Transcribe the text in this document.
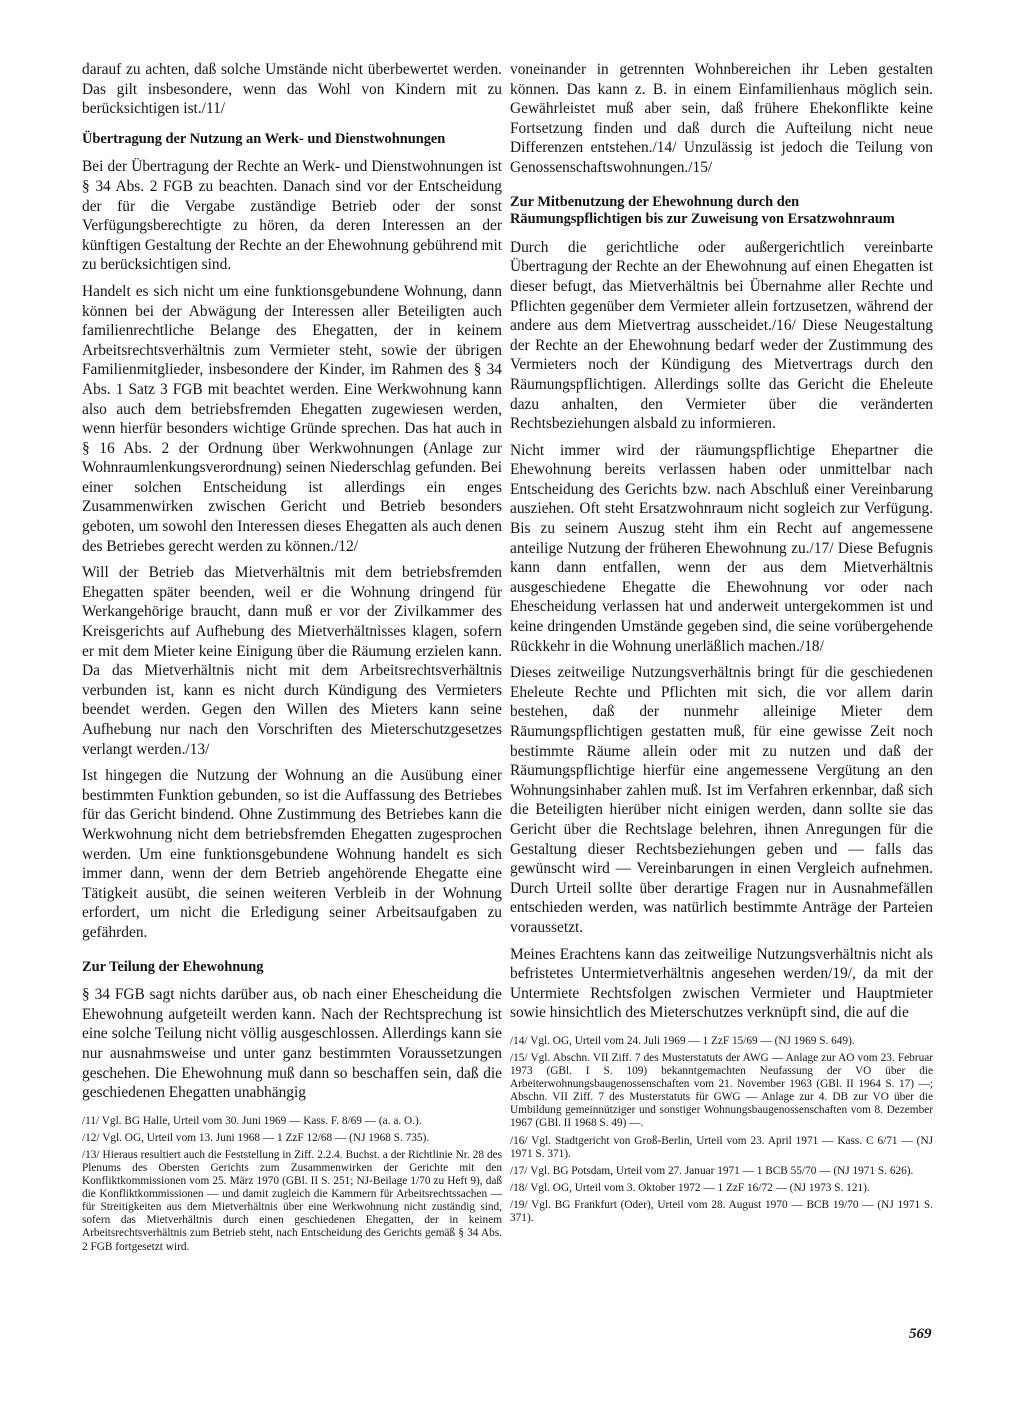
darauf zu achten, daß solche Umstände nicht überbewertet werden. Das gilt insbesondere, wenn das Wohl von Kindern mit zu berücksichtigen ist./11/

Übertragung der Nutzung an Werk- und Dienstwohnungen

Bei der Übertragung der Rechte an Werk- und Dienstwohnungen ist § 34 Abs. 2 FGB zu beachten. Danach sind vor der Entscheidung der für die Vergabe zuständige Betrieb oder der sonst Verfügungsberechtigte zu hören, da deren Interessen an der künftigen Gestaltung der Rechte an der Ehewohnung gebührend mit zu berücksichtigen sind.

Handelt es sich nicht um eine funktionsgebundene Wohnung, dann können bei der Abwägung der Interessen aller Beteiligten auch familienrechtliche Belange des Ehegatten, der in keinem Arbeitsrechtsverhältnis zum Vermieter steht, sowie der übrigen Familienmitglieder, insbesondere der Kinder, im Rahmen des § 34 Abs. 1 Satz 3 FGB mit beachtet werden. Eine Werkwohnung kann also auch dem betriebsfremden Ehegatten zugewiesen werden, wenn hierfür besonders wichtige Gründe sprechen. Das hat auch in § 16 Abs. 2 der Ordnung über Werkwohnungen (Anlage zur Wohnraumlenkungsverordnung) seinen Niederschlag gefunden. Bei einer solchen Entscheidung ist allerdings ein enges Zusammenwirken zwischen Gericht und Betrieb besonders geboten, um sowohl den Interessen dieses Ehegatten als auch denen des Betriebes gerecht werden zu können./12/

Will der Betrieb das Mietverhältnis mit dem betriebsfremden Ehegatten später beenden, weil er die Wohnung dringend für Werkangehörige braucht, dann muß er vor der Zivilkammer des Kreisgerichts auf Aufhebung des Mietverhältnisses klagen, sofern er mit dem Mieter keine Einigung über die Räumung erzielen kann. Da das Mietverhältnis nicht mit dem Arbeitsrechtsverhältnis verbunden ist, kann es nicht durch Kündigung des Vermieters beendet werden. Gegen den Willen des Mieters kann seine Aufhebung nur nach den Vorschriften des Mieterschutzgesetzes verlangt werden./13/

Ist hingegen die Nutzung der Wohnung an die Ausübung einer bestimmten Funktion gebunden, so ist die Auffassung des Betriebes für das Gericht bindend. Ohne Zustimmung des Betriebes kann die Werkwohnung nicht dem betriebsfremden Ehegatten zugesprochen werden. Um eine funktionsgebundene Wohnung handelt es sich immer dann, wenn der dem Betrieb angehörende Ehegatte eine Tätigkeit ausübt, die seinen weiteren Verbleib in der Wohnung erfordert, um nicht die Erledigung seiner Arbeitsaufgaben zu gefährden.

Zur Teilung der Ehewohnung

§ 34 FGB sagt nichts darüber aus, ob nach einer Ehescheidung die Ehewohnung aufgeteilt werden kann. Nach der Rechtsprechung ist eine solche Teilung nicht völlig ausgeschlossen. Allerdings kann sie nur ausnahmsweise und unter ganz bestimmten Voraussetzungen geschehen. Die Ehewohnung muß dann so beschaffen sein, daß die geschiedenen Ehegatten unabhängig

/11/ Vgl. BG Halle, Urteil vom 30. Juni 1969 — Kass. F. 8/69 — (a. a. O.).

/12/ Vgl. OG, Urteil vom 13. Juni 1968 — 1 ZzF 12/68 — (NJ 1968 S. 735).

/13/ Hieraus resultiert auch die Feststellung in Ziff. 2.2.4. Buchst. a der Richtlinie Nr. 28 des Plenums des Obersten Gerichts zum Zusammenwirken der Gerichte mit den Konfliktkommissionen vom 25. März 1970 (GBl. II S. 251; NJ-Beilage 1/70 zu Heft 9), daß die Konfliktkommissionen — und damit zugleich die Kammern für Arbeitsrechtssachen — für Streitigkeiten aus dem Mietverhältnis über eine Werkwohnung nicht zuständig sind, sofern das Mietverhältnis durch einen geschiedenen Ehegatten, der in keinem Arbeitsrechtsverhältnis zum Betrieb steht, nach Entscheidung des Gerichts gemäß § 34 Abs. 2 FGB fortgesetzt wird.

voneinander in getrennten Wohnbereichen ihr Leben gestalten können. Das kann z. B. in einem Einfamilienhaus möglich sein. Gewährleistet muß aber sein, daß frühere Ehekonflikte keine Fortsetzung finden und daß durch die Aufteilung nicht neue Differenzen entstehen./14/ Unzulässig ist jedoch die Teilung von Genossenschaftswohnungen./15/

Zur Mitbenutzung der Ehewohnung durch den Räumungspflichtigen bis zur Zuweisung von Ersatzwohnraum

Durch die gerichtliche oder außergerichtlich vereinbarte Übertragung der Rechte an der Ehewohnung auf einen Ehegatten ist dieser befugt, das Mietverhältnis bei Übernahme aller Rechte und Pflichten gegenüber dem Vermieter allein fortzusetzen, während der andere aus dem Mietvertrag ausscheidet./16/ Diese Neugestaltung der Rechte an der Ehewohnung bedarf weder der Zustimmung des Vermieters noch der Kündigung des Mietvertrags durch den Räumungspflichtigen. Allerdings sollte das Gericht die Eheleute dazu anhalten, den Vermieter über die veränderten Rechtsbeziehungen alsbald zu informieren.

Nicht immer wird der räumungspflichtige Ehepartner die Ehewohnung bereits verlassen haben oder unmittelbar nach Entscheidung des Gerichts bzw. nach Abschluß einer Vereinbarung ausziehen. Oft steht Ersatzwohnraum nicht sogleich zur Verfügung. Bis zu seinem Auszug steht ihm ein Recht auf angemessene anteilige Nutzung der früheren Ehewohnung zu./17/ Diese Befugnis kann dann entfallen, wenn der aus dem Mietverhältnis ausgeschiedene Ehegatte die Ehewohnung vor oder nach Ehescheidung verlassen hat und anderweit untergekommen ist und keine dringenden Umstände gegeben sind, die seine vorübergehende Rückkehr in die Wohnung unerläßlich machen./18/

Dieses zeitweilige Nutzungsverhältnis bringt für die geschiedenen Eheleute Rechte und Pflichten mit sich, die vor allem darin bestehen, daß der nunmehr alleinige Mieter dem Räumungspflichtigen gestatten muß, für eine gewisse Zeit noch bestimmte Räume allein oder mit zu nutzen und daß der Räumungspflichtige hierfür eine angemessene Vergütung an den Wohnungsinhaber zahlen muß. Ist im Verfahren erkennbar, daß sich die Beteiligten hierüber nicht einigen werden, dann sollte sie das Gericht über die Rechtslage belehren, ihnen Anregungen für die Gestaltung dieser Rechtsbeziehungen geben und — falls das gewünscht wird — Vereinbarungen in einen Vergleich aufnehmen. Durch Urteil sollte über derartige Fragen nur in Ausnahmefällen entschieden werden, was natürlich bestimmte Anträge der Parteien voraussetzt.

Meines Erachtens kann das zeitweilige Nutzungsverhältnis nicht als befristetes Untermietverhältnis angesehen werden/19/, da mit der Untermiete Rechtsfolgen zwischen Vermieter und Hauptmieter sowie hinsichtlich des Mieterschutzes verknüpft sind, die auf die

/14/ Vgl. OG, Urteil vom 24. Juli 1969 — 1 ZzF 15/69 — (NJ 1969 S. 649).

/15/ Vgl. Abschn. VII Ziff. 7 des Musterstatuts der AWG — Anlage zur AO vom 23. Februar 1973 (GBl. I S. 109) bekanntgemachten Neufassung der VO über die Arbeiterwohnungsbaugenossenschaften vom 21. November 1963 (GBl. II 1964 S. 17) —; Abschn. VII Ziff. 7 des Musterstatuts für GWG — Anlage zur 4. DB zur VO über die Umbildung gemeinnütziger und sonstiger Wohnungsbaugenossenschaften vom 8. Dezember 1967 (GBl. II 1968 S. 49) —.

/16/ Vgl. Stadtgericht von Groß-Berlin, Urteil vom 23. April 1971 — Kass. C 6/71 — (NJ 1971 S. 371).

/17/ Vgl. BG Potsdam, Urteil vom 27. Januar 1971 — 1 BCB 55/70 — (NJ 1971 S. 626).

/18/ Vgl. OG, Urteil vom 3. Oktober 1972 — 1 ZzF 16/72 — (NJ 1973 S. 121).

/19/ Vgl. BG Frankfurt (Oder), Urteil vom 28. August 1970 — BCB 19/70 — (NJ 1971 S. 371).

569
